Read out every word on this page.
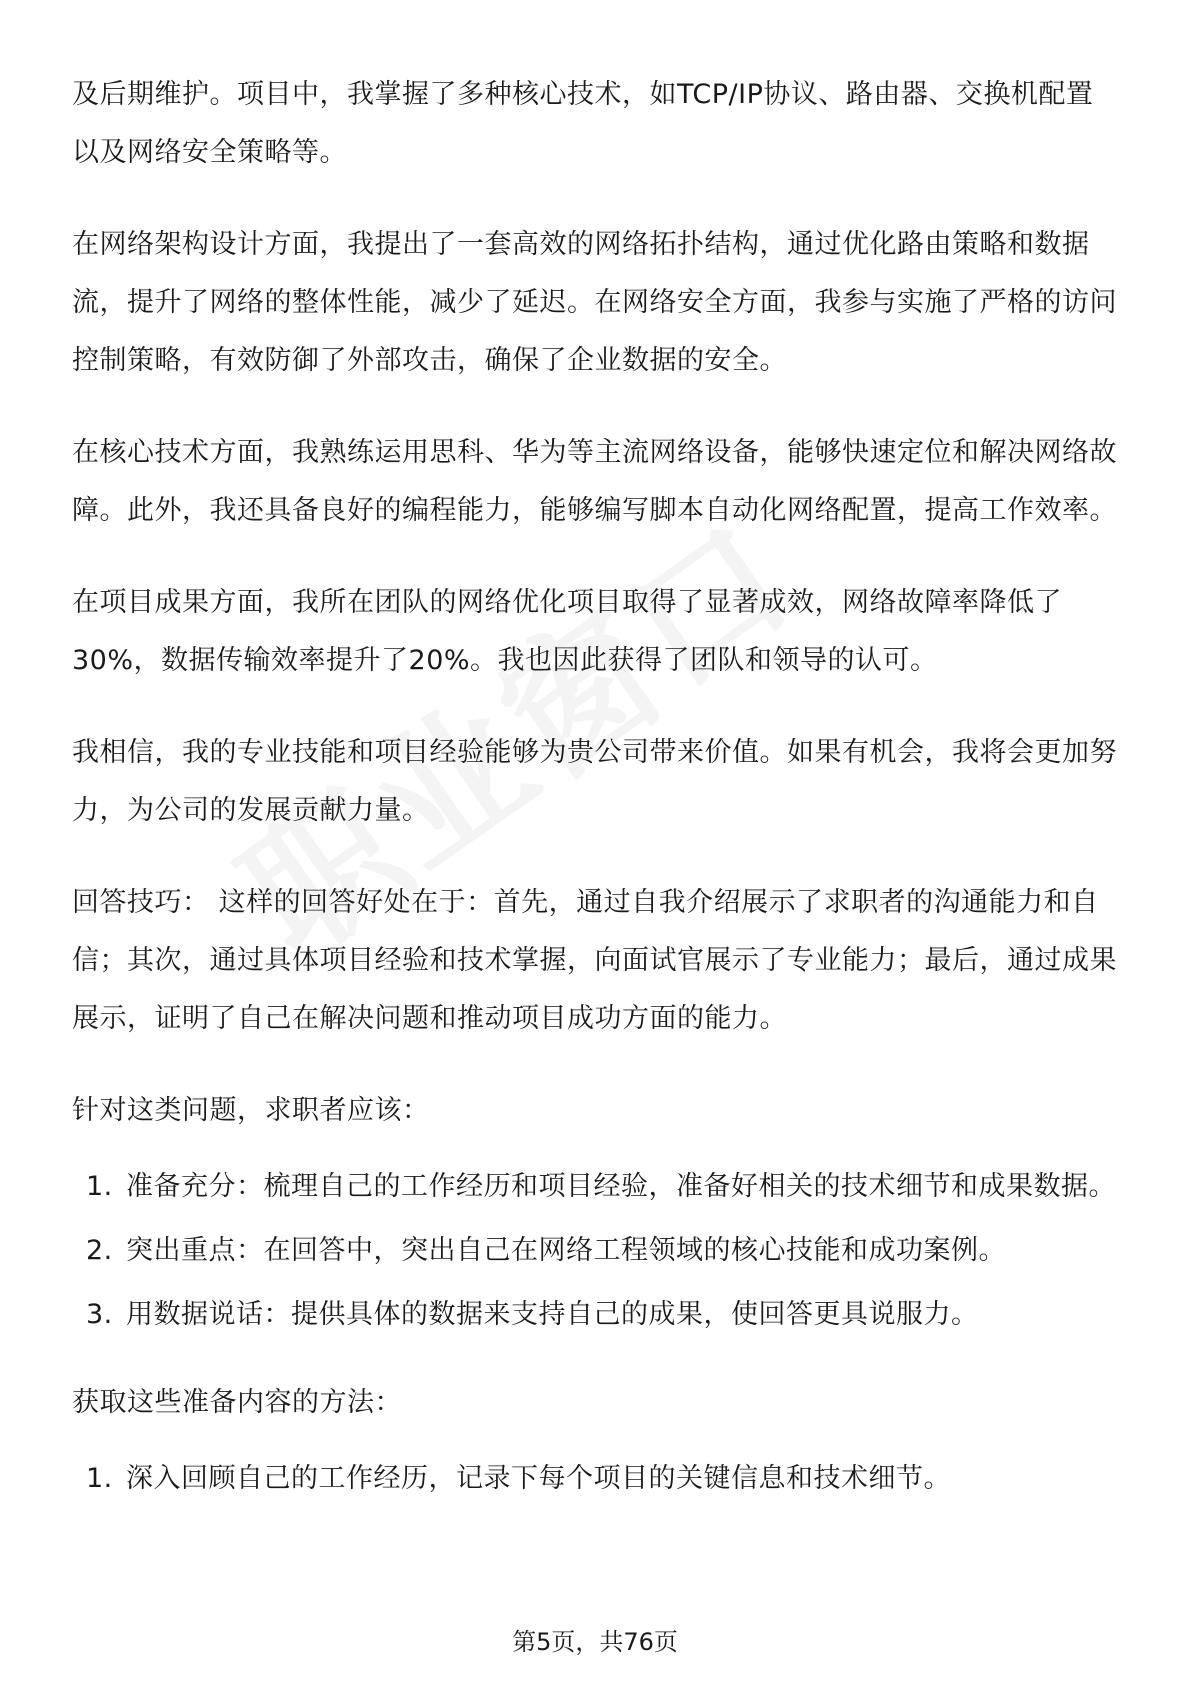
及后期维护。项目中，我掌握了多种核心技术，如TCP/IP协议、路由器、交换机配置以及网络安全策略等。

在网络架构设计方面，我提出了一套高效的网络拓扑结构，通过优化路由策略和数据流，提升了网络的整体性能，减少了延迟。在网络安全方面，我参与实施了严格的访问控制策略，有效防御了外部攻击，确保了企业数据的安全。

在核心技术方面，我熟练运用思科、华为等主流网络设备，能够快速定位和解决网络故障。此外，我还具备良好的编程能力，能够编写脚本自动化网络配置，提高工作效率。

在项目成果方面，我所在团队的网络优化项目取得了显著成效，网络故障率降低了30%，数据传输效率提升了20%。我也因此获得了团队和领导的认可。

我相信，我的专业技能和项目经验能够为贵公司带来价值。如果有机会，我将会更加努力，为公司的发展贡献力量。

回答技巧： 这样的回答好处在于：首先，通过自我介绍展示了求职者的沟通能力和自信；其次，通过具体项目经验和技术掌握，向面试官展示了专业能力；最后，通过成果展示，证明了自己在解决问题和推动项目成功方面的能力。

针对这类问题，求职者应该：

1. 准备充分：梳理自己的工作经历和项目经验，准备好相关的技术细节和成果数据。
2. 突出重点：在回答中，突出自己在网络工程领域的核心技能和成功案例。
3. 用数据说话：提供具体的数据来支持自己的成果，使回答更具说服力。

获取这些准备内容的方法：

1. 深入回顾自己的工作经历，记录下每个项目的关键信息和技术细节。
第5页，共76页
